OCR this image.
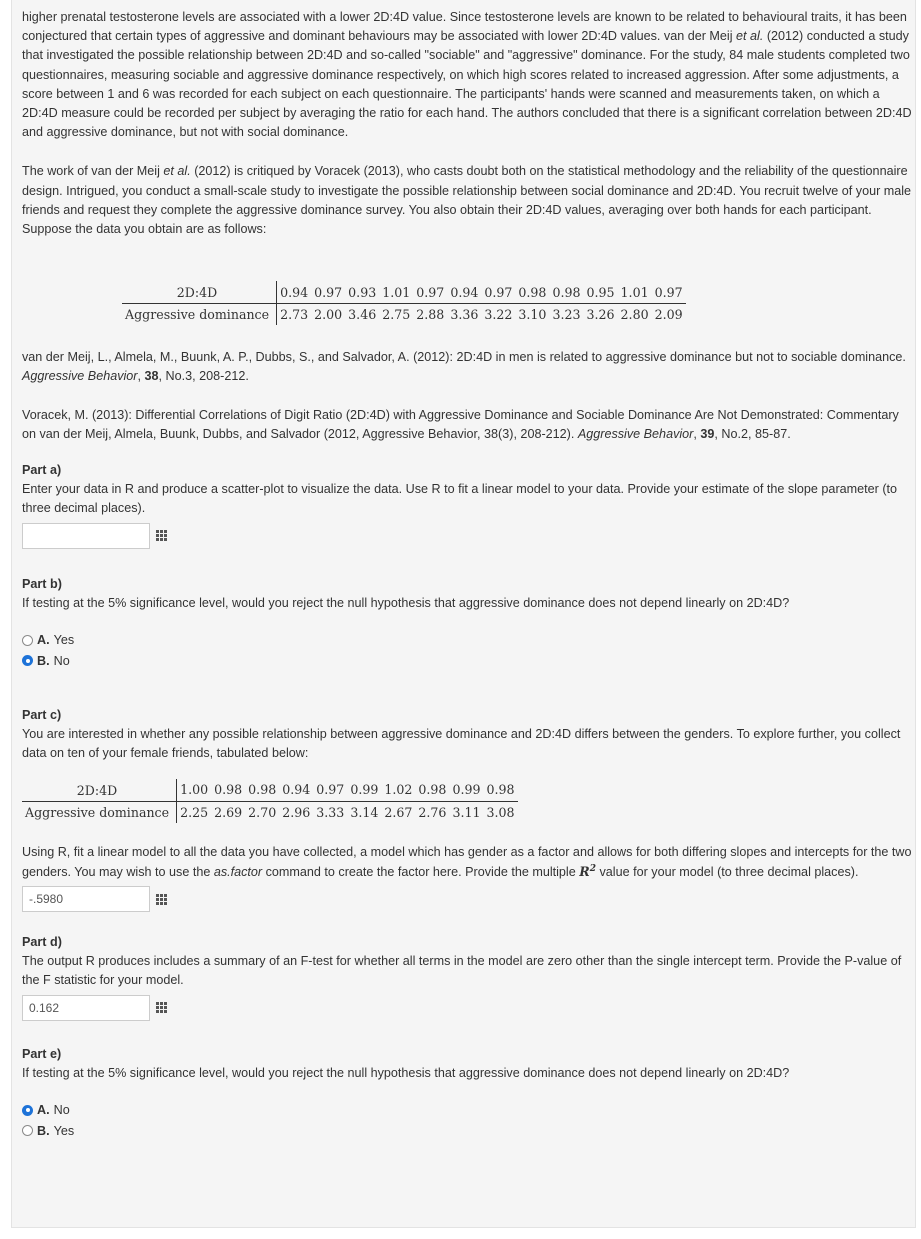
higher prenatal testosterone levels are associated with a lower 2D:4D value. Since testosterone levels are known to be related to behavioural traits, it has been conjectured that certain types of aggressive and dominant behaviours may be associated with lower 2D:4D values. van der Meij et al. (2012) conducted a study that investigated the possible relationship between 2D:4D and so-called "sociable" and "aggressive" dominance. For the study, 84 male students completed two questionnaires, measuring sociable and aggressive dominance respectively, on which high scores related to increased aggression. After some adjustments, a score between 1 and 6 was recorded for each subject on each questionnaire. The participants' hands were scanned and measurements taken, on which a 2D:4D measure could be recorded per subject by averaging the ratio for each hand. The authors concluded that there is a significant correlation between 2D:4D and aggressive dominance, but not with social dominance.

The work of van der Meij et al. (2012) is critiqued by Voracek (2013), who casts doubt both on the statistical methodology and the reliability of the questionnaire design. Intrigued, you conduct a small-scale study to investigate the possible relationship between social dominance and 2D:4D. You recruit twelve of your male friends and request they complete the aggressive dominance survey. You also obtain their 2D:4D values, averaging over both hands for each participant. Suppose the data you obtain are as follows:

2D:4D	0.94	0.97	0.93	1.01	0.97	0.94	0.97	0.98	0.98	0.95	1.01	0.97
Aggressive dominance	2.73	2.00	3.46	2.75	2.88	3.36	3.22	3.10	3.23	3.26	2.80	2.09

van der Meij, L., Almela, M., Buunk, A. P., Dubbs, S., and Salvador, A. (2012): 2D:4D in men is related to aggressive dominance but not to sociable dominance. Aggressive Behavior, 38, No.3, 208-212.

Voracek, M. (2013): Differential Correlations of Digit Ratio (2D:4D) with Aggressive Dominance and Sociable Dominance Are Not Demonstrated: Commentary on van der Meij, Almela, Buunk, Dubbs, and Salvador (2012, Aggressive Behavior, 38(3), 208-212). Aggressive Behavior, 39, No.2, 85-87.

Part a)

Enter your data in R and produce a scatter-plot to visualize the data. Use R to fit a linear model to your data. Provide your estimate of the slope parameter (to three decimal places).

Part b)

If testing at the 5% significance level, would you reject the null hypothesis that aggressive dominance does not depend linearly on 2D:4D?

A. Yes
B. No

Part c)

You are interested in whether any possible relationship between aggressive dominance and 2D:4D differs between the genders. To explore further, you collect data on ten of your female friends, tabulated below:

2D:4D	1.00	0.98	0.98	0.94	0.97	0.99	1.02	0.98	0.99	0.98
Aggressive dominance	2.25	2.69	2.70	2.96	3.33	3.14	2.67	2.76	3.11	3.08

Using R, fit a linear model to all the data you have collected, a model which has gender as a factor and allows for both differing slopes and intercepts for the two genders. You may wish to use the as.factor command to create the factor here. Provide the multiple $R^2$ value for your model (to three decimal places).

-.5980

Part d)

The output R produces includes a summary of an F-test for whether all terms in the model are zero other than the single intercept term. Provide the P-value of the F statistic for your model.

0.162

Part e)

If testing at the 5% significance level, would you reject the null hypothesis that aggressive dominance does not depend linearly on 2D:4D?

A. No
B. Yes
